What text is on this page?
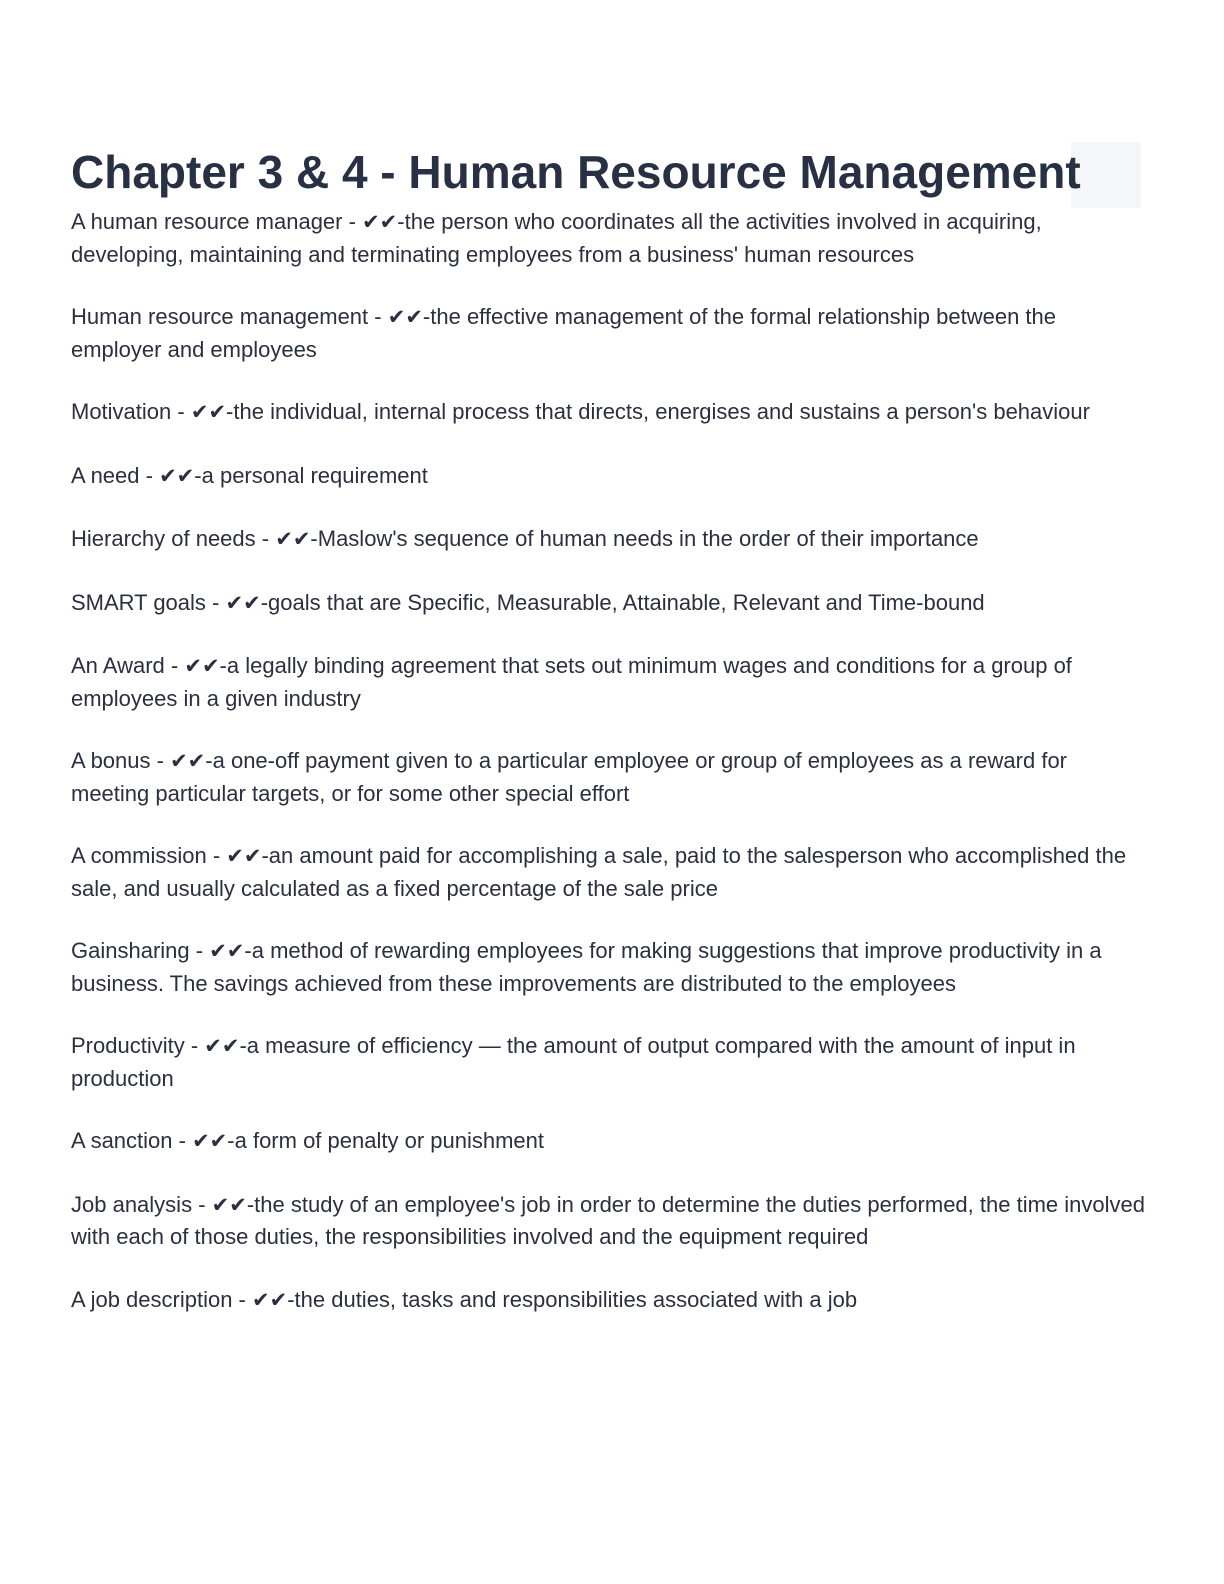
Chapter 3 & 4 - Human Resource Management

A human resource manager - ✔✔-the person who coordinates all the activities involved in acquiring, developing, maintaining and terminating employees from a business' human resources

Human resource management - ✔✔-the effective management of the formal relationship between the employer and employees

Motivation - ✔✔-the individual, internal process that directs, energises and sustains a person's behaviour

A need - ✔✔-a personal requirement

Hierarchy of needs - ✔✔-Maslow's sequence of human needs in the order of their importance

SMART goals - ✔✔-goals that are Specific, Measurable, Attainable, Relevant and Time-bound

An Award - ✔✔-a legally binding agreement that sets out minimum wages and conditions for a group of employees in a given industry

A bonus - ✔✔-a one-off payment given to a particular employee or group of employees as a reward for meeting particular targets, or for some other special effort

A commission - ✔✔-an amount paid for accomplishing a sale, paid to the salesperson who accomplished the sale, and usually calculated as a fixed percentage of the sale price

Gainsharing - ✔✔-a method of rewarding employees for making suggestions that improve productivity in a business. The savings achieved from these improvements are distributed to the employees

Productivity - ✔✔-a measure of efficiency — the amount of output compared with the amount of input in production

A sanction - ✔✔-a form of penalty or punishment

Job analysis - ✔✔-the study of an employee's job in order to determine the duties performed, the time involved with each of those duties, the responsibilities involved and the equipment required

A job description - ✔✔-the duties, tasks and responsibilities associated with a job
